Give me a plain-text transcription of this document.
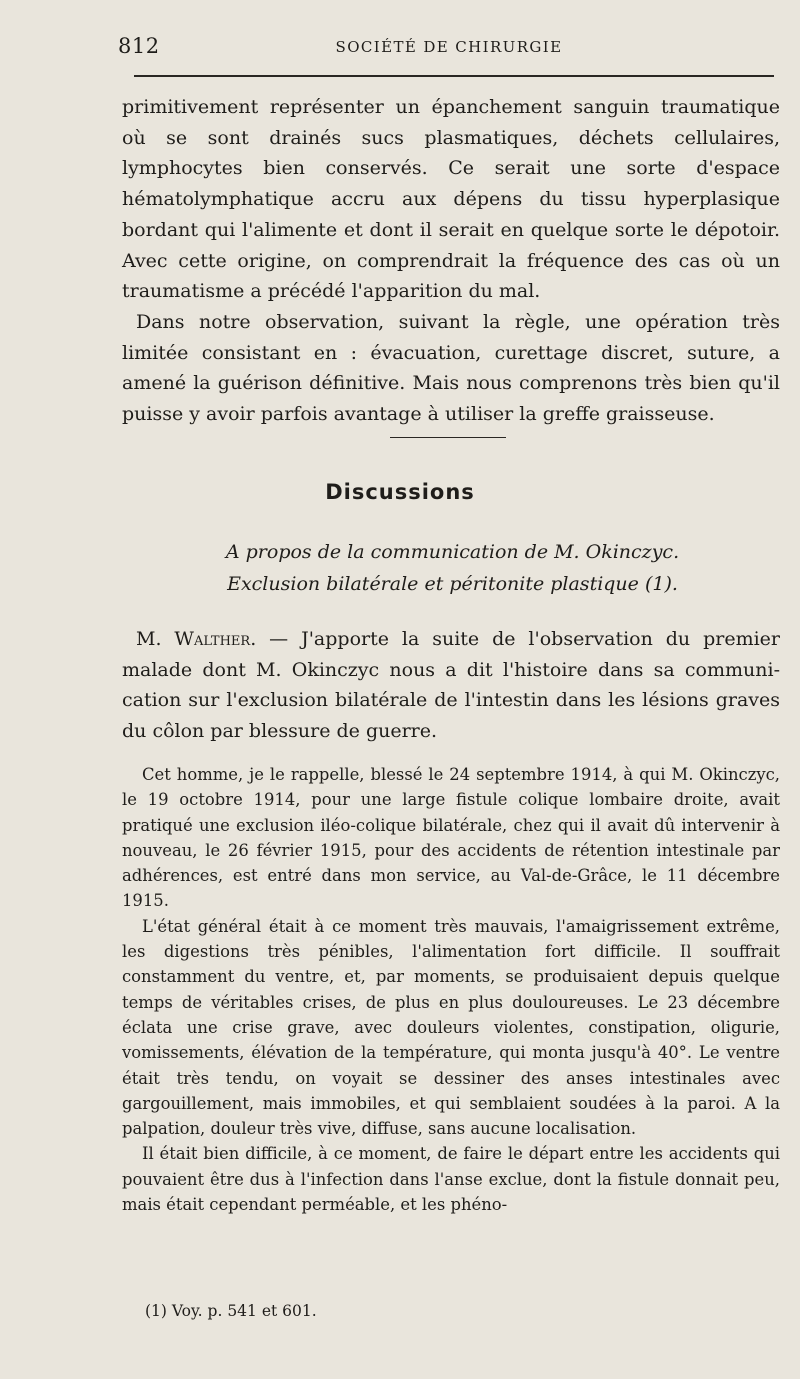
812	SOCIÉTÉ DE CHIRURGIE

primitivement représenter un épanchement sanguin traumatique où se sont drainés sucs plasmatiques, déchets cellulaires, lymphocytes bien conservés. Ce serait une sorte d'espace hématolymphatique accru aux dépens du tissu hyperplasique bordant qui l'alimente et dont il serait en quelque sorte le dépotoir. Avec cette origine, on comprendrait la fréquence des cas où un traumatisme a précédé l'apparition du mal.

Dans notre observation, suivant la règle, une opération très limitée consistant en : évacuation, curettage discret, suture, a amené la guérison définitive. Mais nous comprenons très bien qu'il puisse y avoir parfois avantage à utiliser la greffe graisseuse.

Discussions
A propos de la communication de M. Okinczyc.
Exclusion bilatérale et péritonite plastique (1).

M. Walther. — J'apporte la suite de l'observation du premier malade dont M. Okinczyc nous a dit l'histoire dans sa communication sur l'exclusion bilatérale de l'intestin dans les lésions graves du côlon par blessure de guerre.

Cet homme, je le rappelle, blessé le 24 septembre 1914, à qui M. Okinczyc, le 19 octobre 1914, pour une large fistule colique lombaire droite, avait pratiqué une exclusion iléo-colique bilatérale, chez qui il avait dû intervenir à nouveau, le 26 février 1915, pour des accidents de rétention intestinale par adhérences, est entré dans mon service, au Val-de-Grâce, le 11 décembre 1915.

L'état général était à ce moment très mauvais, l'amaigrissement extrême, les digestions très pénibles, l'alimentation fort difficile. Il souffrait constamment du ventre, et, par moments, se produisaient depuis quelque temps de véritables crises, de plus en plus douloureuses. Le 23 décembre éclata une crise grave, avec douleurs violentes, constipation, oligurie, vomissements, élévation de la température, qui monta jusqu'à 40°. Le ventre était très tendu, on voyait se dessiner des anses intestinales avec gargouillement, mais immobiles, et qui semblaient soudées à la paroi. A la palpation, douleur très vive, diffuse, sans aucune localisation.

Il était bien difficile, à ce moment, de faire le départ entre les accidents qui pouvaient être dus à l'infection dans l'anse exclue, dont la fistule donnait peu, mais était cependant perméable, et les phéno-

(1) Voy. p. 541 et 601.
